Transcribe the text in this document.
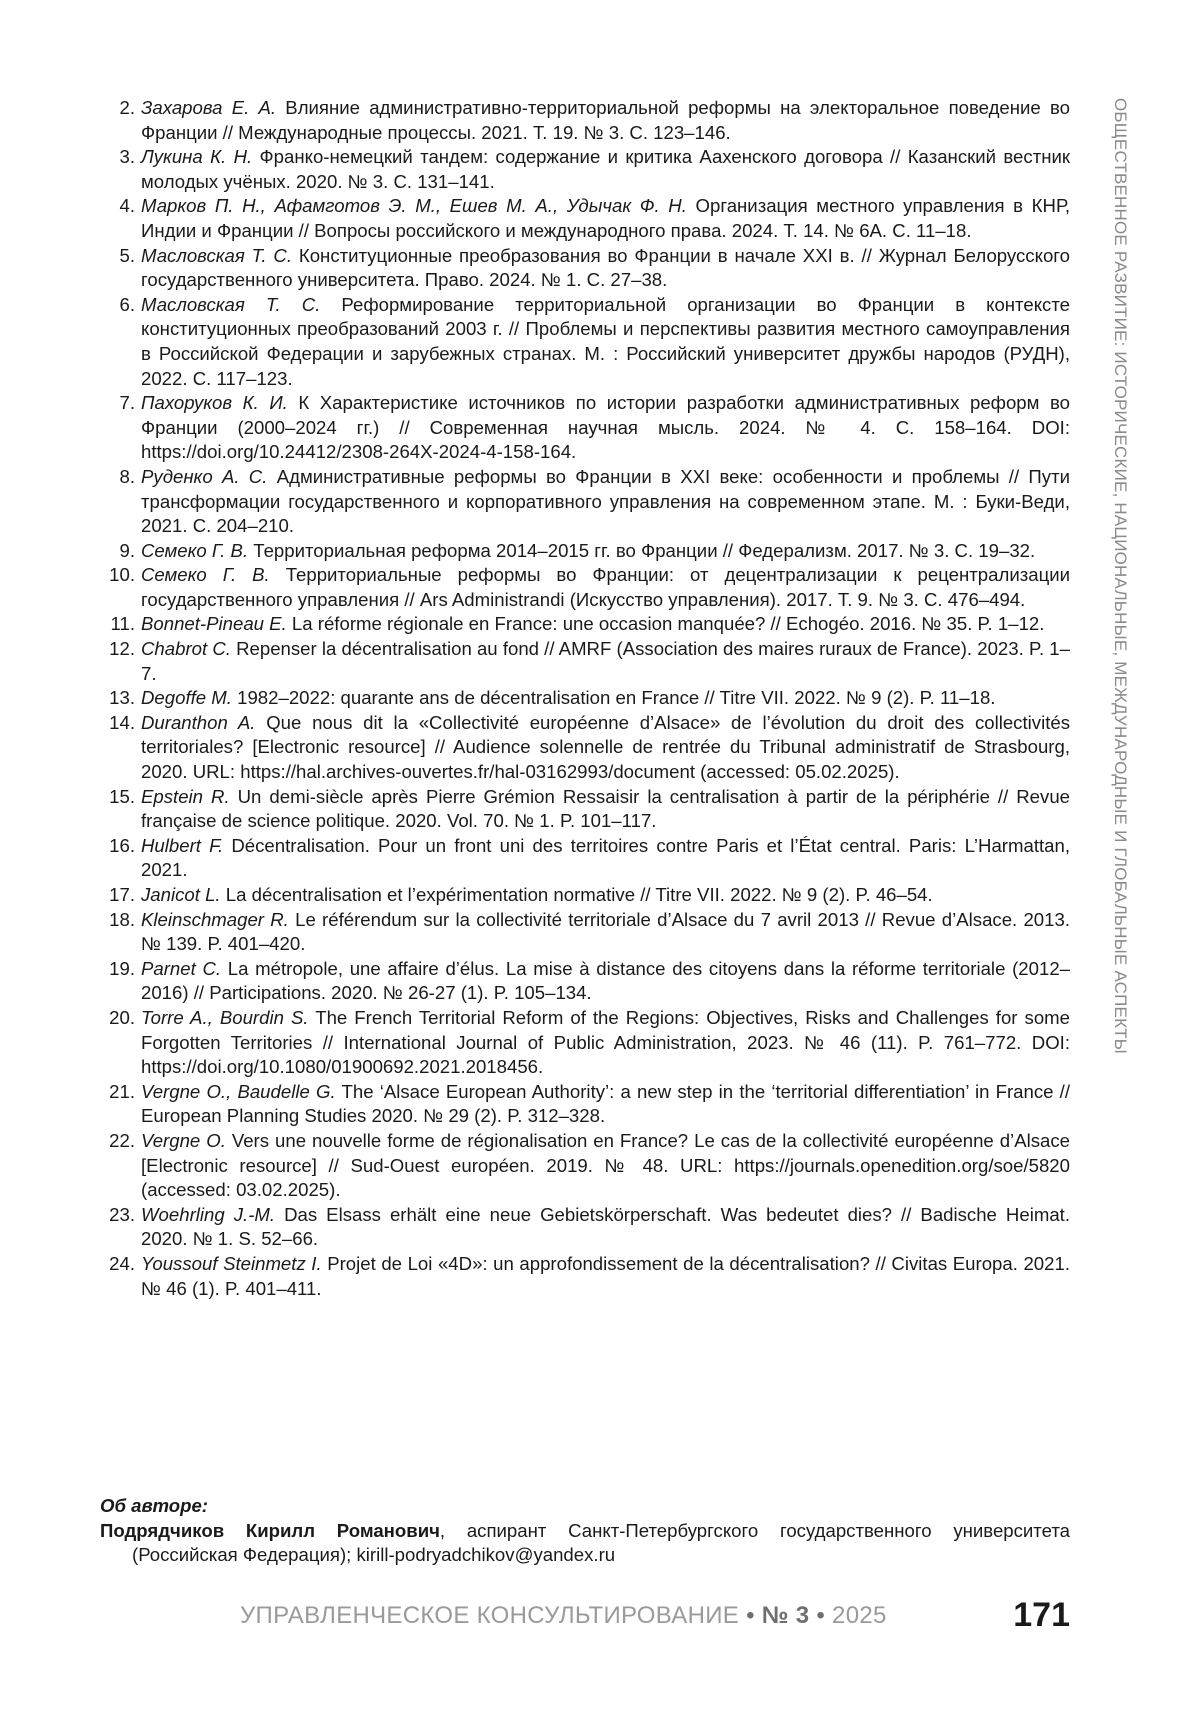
2. Захарова Е. А. Влияние административно-территориальной реформы на электоральное поведение во Франции // Международные процессы. 2021. Т. 19. № 3. С. 123–146.
3. Лукина К. Н. Франко-немецкий тандем: содержание и критика Аахенского договора // Казанский вестник молодых учёных. 2020. № 3. С. 131–141.
4. Марков П. Н., Афамготов Э. М., Ешев М. А., Удычак Ф. Н. Организация местного управления в КНР, Индии и Франции // Вопросы российского и международного права. 2024. Т. 14. № 6А. С. 11–18.
5. Масловская Т. С. Конституционные преобразования во Франции в начале XXI в. // Журнал Белорусского государственного университета. Право. 2024. № 1. С. 27–38.
6. Масловская Т. С. Реформирование территориальной организации во Франции в контексте конституционных преобразований 2003 г. // Проблемы и перспективы развития местного самоуправления в Российской Федерации и зарубежных странах. М. : Российский университет дружбы народов (РУДН), 2022. С. 117–123.
7. Пахоруков К. И. К Характеристике источников по истории разработки административных реформ во Франции (2000–2024 гг.) // Современная научная мысль. 2024. № 4. С. 158–164. DOI: https://doi.org/10.24412/2308-264X-2024-4-158-164.
8. Руденко А. С. Административные реформы во Франции в XXI веке: особенности и проблемы // Пути трансформации государственного и корпоративного управления на современном этапе. М. : Буки-Веди, 2021. С. 204–210.
9. Семеко Г. В. Территориальная реформа 2014–2015 гг. во Франции // Федерализм. 2017. № 3. С. 19–32.
10. Семеко Г. В. Территориальные реформы во Франции: от децентрализации к рецентрализации государственного управления // Ars Administrandi (Искусство управления). 2017. Т. 9. № 3. С. 476–494.
11. Bonnet-Pineau E. La réforme régionale en France: une occasion manquée? // Echogéo. 2016. № 35. P. 1–12.
12. Chabrot C. Repenser la décentralisation au fond // AMRF (Association des maires ruraux de France). 2023. P. 1–7.
13. Degoffe M. 1982–2022: quarante ans de décentralisation en France // Titre VII. 2022. № 9 (2). P. 11–18.
14. Duranthon A. Que nous dit la «Collectivité européenne d’Alsace» de l’évolution du droit des collectivités territoriales? [Electronic resource] // Audience solennelle de rentrée du Tribunal administratif de Strasbourg, 2020. URL: https://hal.archives-ouvertes.fr/hal-03162993/document (accessed: 05.02.2025).
15. Epstein R. Un demi-siècle après Pierre Grémion Ressaisir la centralisation à partir de la périphérie // Revue française de science politique. 2020. Vol. 70. № 1. P. 101–117.
16. Hulbert F. Décentralisation. Pour un front uni des territoires contre Paris et l’État central. Paris: L’Harmattan, 2021.
17. Janicot L. La décentralisation et l’expérimentation normative // Titre VII. 2022. № 9 (2). P. 46–54.
18. Kleinschmager R. Le référendum sur la collectivité territoriale d’Alsace du 7 avril 2013 // Revue d’Alsace. 2013. № 139. P. 401–420.
19. Parnet C. La métropole, une affaire d’élus. La mise à distance des citoyens dans la réforme territoriale (2012–2016) // Participations. 2020. № 26-27 (1). P. 105–134.
20. Torre A., Bourdin S. The French Territorial Reform of the Regions: Objectives, Risks and Challenges for some Forgotten Territories // International Journal of Public Administration, 2023. № 46 (11). P. 761–772. DOI: https://doi.org/10.1080/01900692.2021.2018456.
21. Vergne O., Baudelle G. The ‘Alsace European Authority’: a new step in the ‘territorial differentiation’ in France // European Planning Studies 2020. № 29 (2). P. 312–328.
22. Vergne O. Vers une nouvelle forme de régionalisation en France? Le cas de la collectivité européenne d’Alsace [Electronic resource] // Sud-Ouest européen. 2019. № 48. URL: https://journals.openedition.org/soe/5820 (accessed: 03.02.2025).
23. Woehrling J.-M. Das Elsass erhält eine neue Gebietskörperschaft. Was bedeutet dies? // Badische Heimat. 2020. № 1. S. 52–66.
24. Youssouf Steinmetz I. Projet de Loi «4D»: un approfondissement de la décentralisation? // Civitas Europa. 2021. № 46 (1). P. 401–411.
Об авторе:

Подрядчиков Кирилл Романович, аспирант Санкт-Петербургского государственного университета (Российская Федерация); kirill-podryadchikov@yandex.ru

ОБЩЕСТВЕННОЕ РАЗВИТИЕ: ИСТОРИЧЕСКИЕ, НАЦИОНАЛЬНЫЕ, МЕЖДУНАРОДНЫЕ И ГЛОБАЛЬНЫЕ АСПЕКТЫ
УПРАВЛЕНЧЕСКОЕ КОНСУЛЬТИРОВАНИЕ • № 3 • 2025	171
